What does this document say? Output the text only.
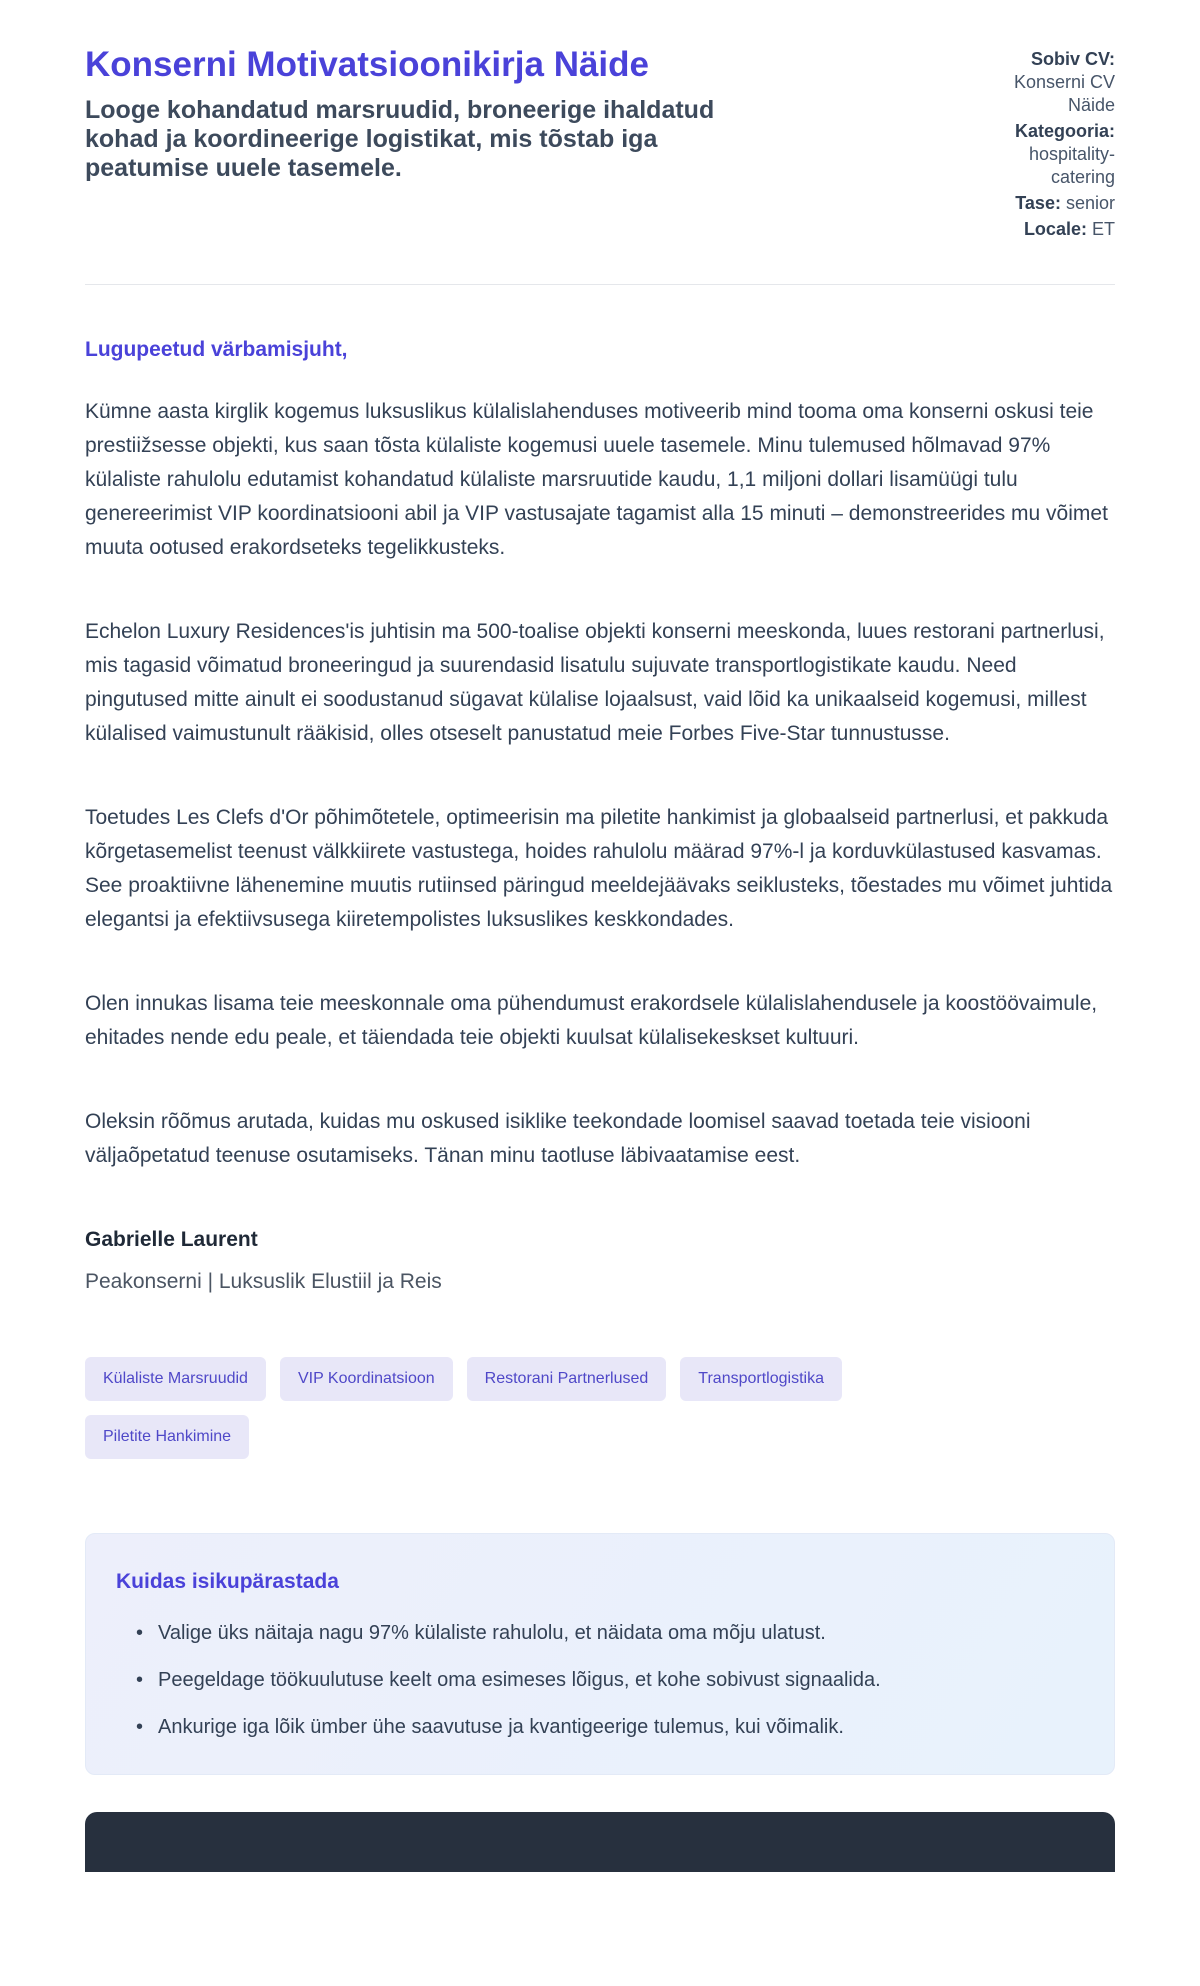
Konserni Motivatsioonikirja Näide

Looge kohandatud marsruudid, broneerige ihaldatud kohad ja koordineerige logistikat, mis tõstab iga peatumise uuele tasemele.

Sobiv CV: Konserni CV Näide
Kategooria: hospitality-catering
Tase: senior
Locale: ET

Lugupeetud värbamisjuht,

Kümne aasta kirglik kogemus luksuslikus külalislahenduses motiveerib mind tooma oma konserni oskusi teie prestiižsesse objekti, kus saan tõsta külaliste kogemusi uuele tasemele. Minu tulemused hõlmavad 97% külaliste rahulolu edutamist kohandatud külaliste marsruutide kaudu, 1,1 miljoni dollari lisamüügi tulu genereerimist VIP koordinatsiooni abil ja VIP vastusajate tagamist alla 15 minuti – demonstreerides mu võimet muuta ootused erakordseteks tegelikkusteks.

Echelon Luxury Residences'is juhtisin ma 500-toalise objekti konserni meeskonda, luues restorani partnerlusi, mis tagasid võimatud broneeringud ja suurendasid lisatulu sujuvate transportlogistikate kaudu. Need pingutused mitte ainult ei soodustanud sügavat külalise lojaalsust, vaid lõid ka unikaalseid kogemusi, millest külalised vaimustunult rääkisid, olles otseselt panustatud meie Forbes Five-Star tunnustusse.

Toetudes Les Clefs d'Or põhimõtetele, optimeerisin ma piletite hankimist ja globaalseid partnerlusi, et pakkuda kõrgetasemelist teenust välkkiirete vastustega, hoides rahulolu määrad 97%-l ja korduvkülastused kasvamas. See proaktiivne lähenemine muutis rutiinsed päringud meeldejäävaks seiklusteks, tõestades mu võimet juhtida elegantsi ja efektiivsusega kiiretempolistes luksuslikes keskkondades.

Olen innukas lisama teie meeskonnale oma pühendumust erakordsele külalislahendusele ja koostöövaimule, ehitades nende edu peale, et täiendada teie objekti kuulsat külalisekeskset kultuuri.

Oleksin rõõmus arutada, kuidas mu oskused isiklike teekondade loomisel saavad toetada teie visiooni väljaõpetatud teenuse osutamiseks. Tänan minu taotluse läbivaatamise eest.

Gabrielle Laurent
Peakonserni | Luksuslik Elustiil ja Reis
Külaliste Marsruudid	VIP Koordinatsioon	Restorani Partnerlused	Transportlogistika
Piletite Hankimine
Kuidas isikupärastada
• Valige üks näitaja nagu 97% külaliste rahulolu, et näidata oma mõju ulatust.
• Peegeldage töökuulutuse keelt oma esimeses lõigus, et kohe sobivust signaalida.
• Ankurige iga lõik ümber ühe saavutuse ja kvantigeerige tulemus, kui võimalik.
